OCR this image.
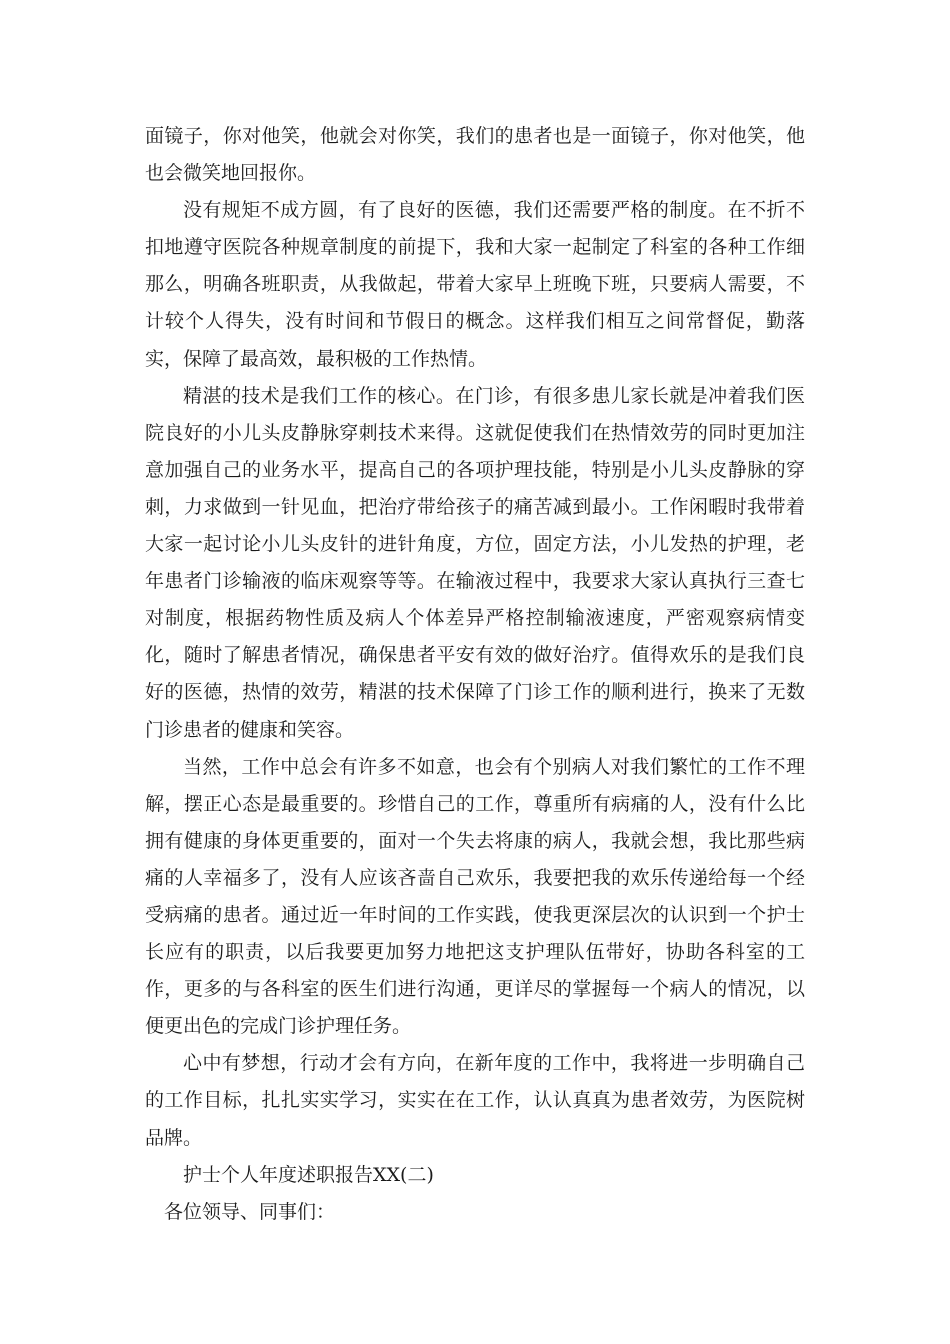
面镜子，你对他笑，他就会对你笑，我们的患者也是一面镜子，你对他笑，他也会微笑地回报你。

没有规矩不成方圆，有了良好的医德，我们还需要严格的制度。在不折不扣地遵守医院各种规章制度的前提下，我和大家一起制定了科室的各种工作细那么，明确各班职责，从我做起，带着大家早上班晚下班，只要病人需要，不计较个人得失，没有时间和节假日的概念。这样我们相互之间常督促，勤落实，保障了最高效，最积极的工作热情。

精湛的技术是我们工作的核心。在门诊，有很多患儿家长就是冲着我们医院良好的小儿头皮静脉穿刺技术来得。这就促使我们在热情效劳的同时更加注意加强自己的业务水平，提高自己的各项护理技能，特别是小儿头皮静脉的穿刺，力求做到一针见血，把治疗带给孩子的痛苦减到最小。工作闲暇时我带着大家一起讨论小儿头皮针的进针角度，方位，固定方法，小儿发热的护理，老年患者门诊输液的临床观察等等。在输液过程中，我要求大家认真执行三查七对制度，根据药物性质及病人个体差异严格控制输液速度，严密观察病情变化，随时了解患者情况，确保患者平安有效的做好治疗。值得欢乐的是我们良好的医德，热情的效劳，精湛的技术保障了门诊工作的顺利进行，换来了无数门诊患者的健康和笑容。

当然，工作中总会有许多不如意，也会有个别病人对我们繁忙的工作不理解，摆正心态是最重要的。珍惜自己的工作，尊重所有病痛的人，没有什么比拥有健康的身体更重要的，面对一个失去将康的病人，我就会想，我比那些病痛的人幸福多了，没有人应该吝啬自己欢乐，我要把我的欢乐传递给每一个经受病痛的患者。通过近一年时间的工作实践，使我更深层次的认识到一个护士长应有的职责，以后我要更加努力地把这支护理队伍带好，协助各科室的工作，更多的与各科室的医生们进行沟通，更详尽的掌握每一个病人的情况，以便更出色的完成门诊护理任务。

心中有梦想，行动才会有方向，在新年度的工作中，我将进一步明确自己的工作目标，扎扎实实学习，实实在在工作，认认真真为患者效劳，为医院树品牌。

护士个人年度述职报告XX(二)

各位领导、同事们：
